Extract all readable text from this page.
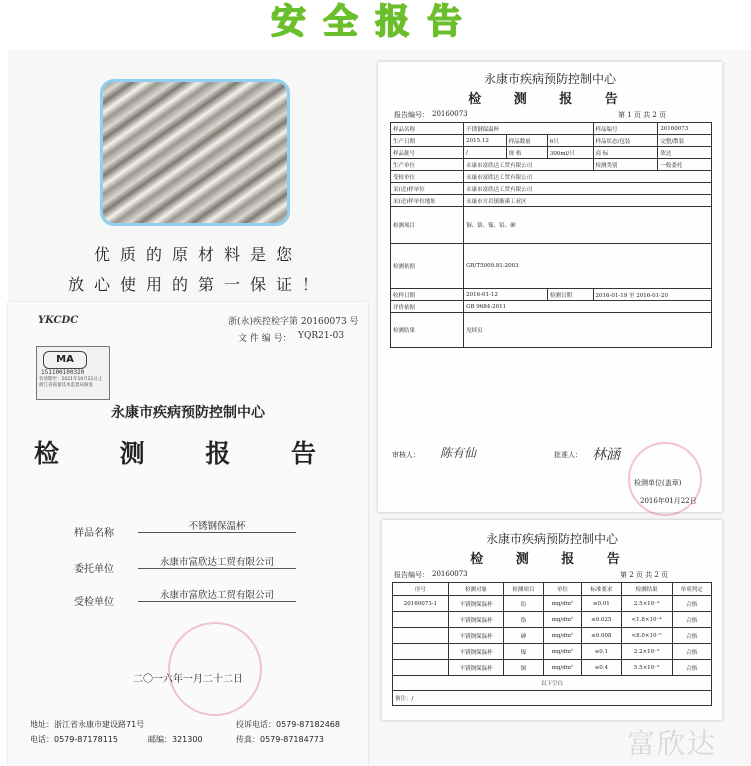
安全报告
优质的原材料是您
放心使用的第一保证！
YKCDC	浙(永)疾控检字第 20160073 号
文 件 编 号： YQR21-03
MA
151100100320
有效期至：2021年10月21日止 浙江省质量技术监督局颁发
永康市疾病预防控制中心
检 测 报 告
样品名称
不锈钢保温杯
委托单位
永康市富欣达工贸有限公司
受检单位
永康市富欣达工贸有限公司
二〇一六年一月二十二日
地址：浙江省永康市建设路71号	投诉电话：0579-87182468
电话：0579-87178115	邮编：321300	传真：0579-87184773
永康市疾病预防控制中心
检 测 报 告
报告编号： 20160073	第 1 页 共 2 页
样品名称	不锈钢保温杯			样品编号	20160073
生产日期	2015.12	样品数量	6只	样品状态/包装	完整/散装
样品批号	/	规 格	300ml/只	商 标	欣达
生产单位	永康市富欣达工贸有限公司			检测类别	一般委托
受检单位	永康市富欣达工贸有限公司				
采(送)样单位	永康市富欣达工贸有限公司				
采(送)样单位地址	永康市方岩镇渐溪工业区				
检测项目	铜、铬、镍、铅、砷				
检测依据	GB/T5009.81-2003				
收样日期	2016-01-12		检测日期	2016-01-19 至 2016-01-20	
评价依据	GB 9684-2011				
检测结果	见续页				
审核人： 陈有仙	批准人： 林涵
检测单位(盖章)
2016年01月22日
永康市疾病预防控制中心
检 测 报 告
报告编号： 20160073	第 2 页 共 2 页
序号	检测对象	检测项目	单位	标准要求	检测结果	单项判定
20160073-1	不锈钢保温杯	铅	mg/dm²	≤0.01	2.5×10⁻⁴	合格
	不锈钢保温杯	铬	mg/dm²	≤0.025	<1.8×10⁻⁴	合格
	不锈钢保温杯	砷	mg/dm²	≤0.008	<8.0×10⁻⁵	合格
	不锈钢保温杯	镍	mg/dm²	≤0.1	2.2×10⁻³	合格
	不锈钢保温杯	铜	mg/dm²	≤0.4	5.5×10⁻³	合格
以下空白						
备注：/						
富欣达
